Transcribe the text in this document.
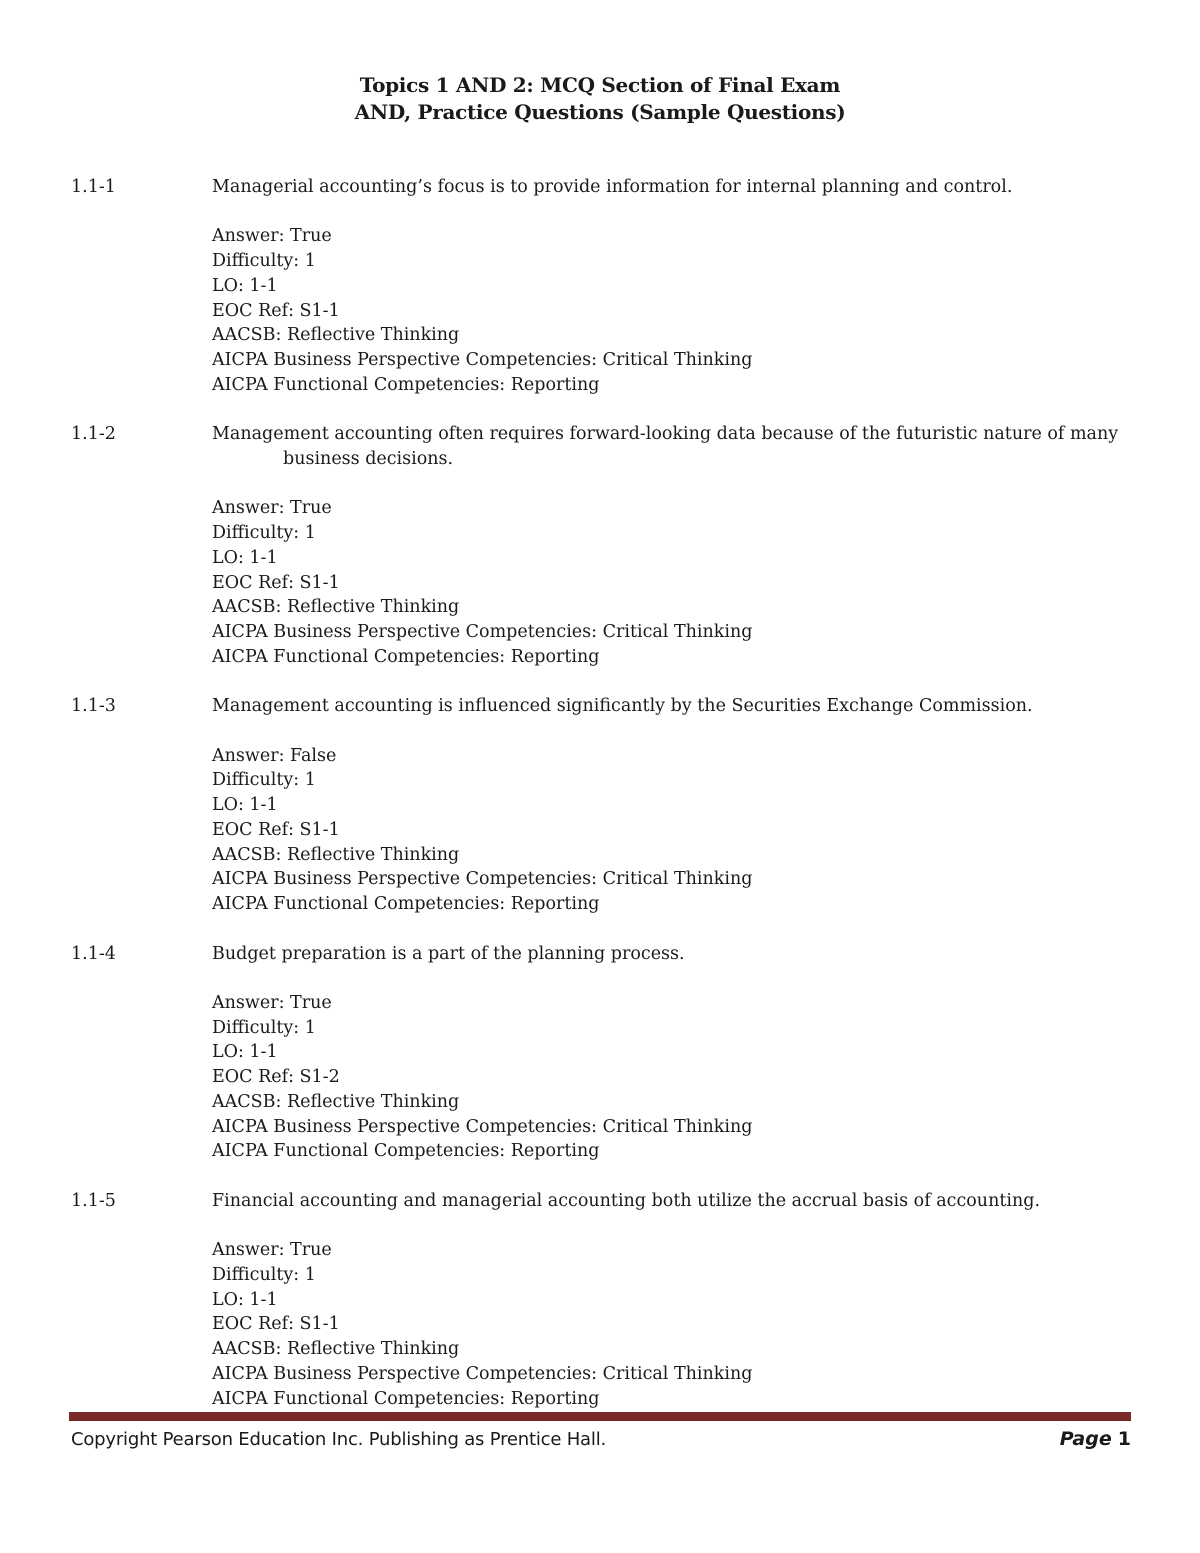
Topics 1 AND 2: MCQ Section of Final Exam
AND, Practice Questions (Sample Questions)
1.1-1	Managerial accounting’s focus is to provide information for internal planning and control.
Answer: True
Difficulty: 1
LO: 1-1
EOC Ref: S1-1
AACSB: Reflective Thinking
AICPA Business Perspective Competencies: Critical Thinking
AICPA Functional Competencies: Reporting
1.1-2	Management accounting often requires forward-looking data because of the futuristic nature of many business decisions.
Answer: True
Difficulty: 1
LO: 1-1
EOC Ref: S1-1
AACSB: Reflective Thinking
AICPA Business Perspective Competencies: Critical Thinking
AICPA Functional Competencies: Reporting
1.1-3	Management accounting is influenced significantly by the Securities Exchange Commission.
Answer: False
Difficulty: 1
LO: 1-1
EOC Ref: S1-1
AACSB: Reflective Thinking
AICPA Business Perspective Competencies: Critical Thinking
AICPA Functional Competencies: Reporting
1.1-4	Budget preparation is a part of the planning process.
Answer: True
Difficulty: 1
LO: 1-1
EOC Ref: S1-2
AACSB: Reflective Thinking
AICPA Business Perspective Competencies: Critical Thinking
AICPA Functional Competencies: Reporting
1.1-5	Financial accounting and managerial accounting both utilize the accrual basis of accounting.
Answer: True
Difficulty: 1
LO: 1-1
EOC Ref: S1-1
AACSB: Reflective Thinking
AICPA Business Perspective Competencies: Critical Thinking
AICPA Functional Competencies: Reporting
Copyright Pearson Education Inc. Publishing as Prentice Hall.	Page 1
